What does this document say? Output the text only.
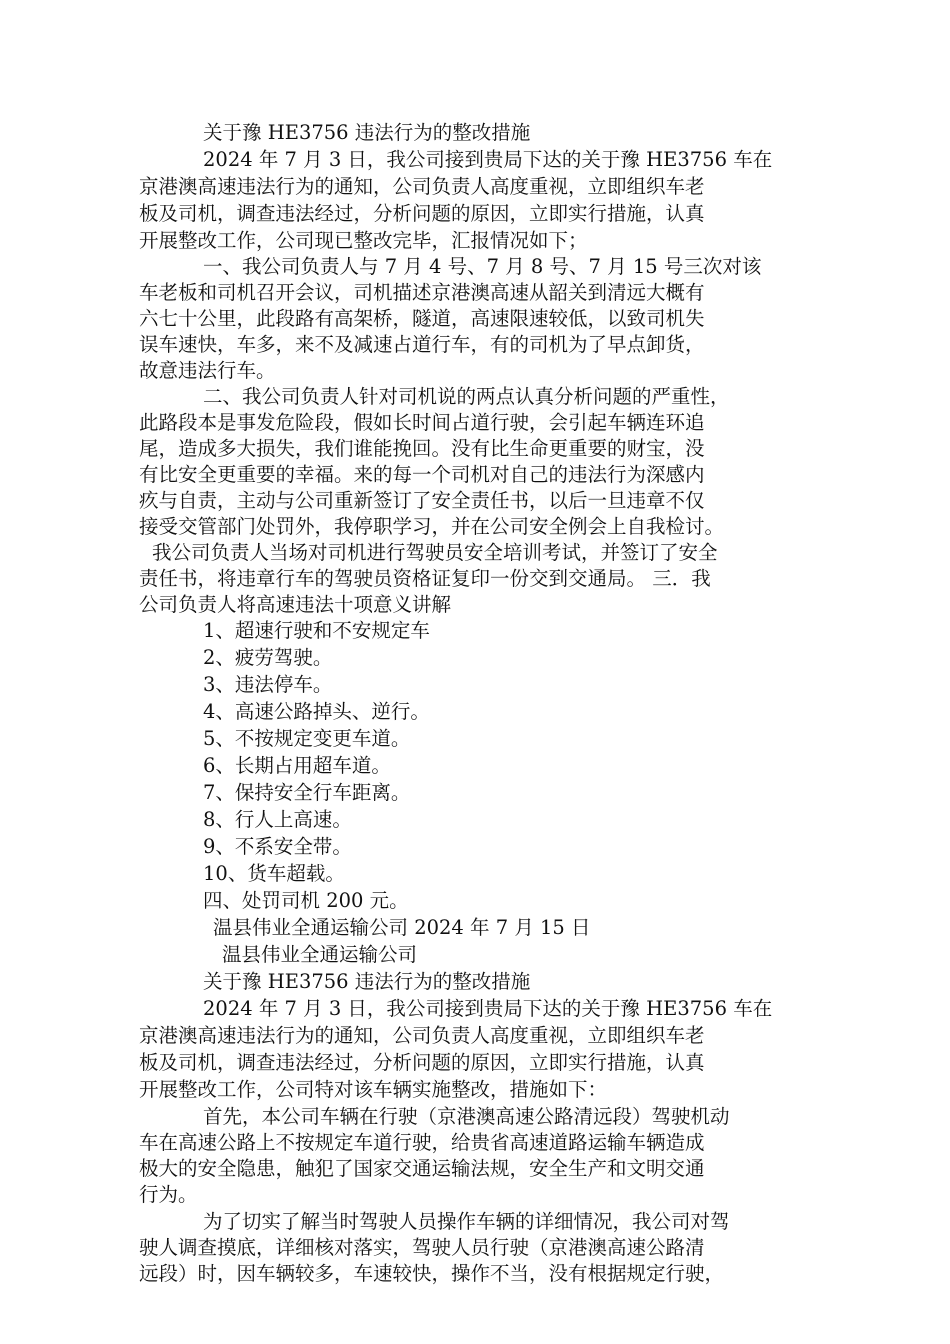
关于豫 HE3756 违法行为的整改措施
2024 年 7 月 3 日，我公司接到贵局下达的关于豫 HE3756 车在
京港澳高速违法行为的通知，公司负责人高度重视，立即组织车老
板及司机，调查违法经过，分析问题的原因，立即实行措施，认真
开展整改工作，公司现已整改完毕，汇报情况如下；
一、我公司负责人与 7 月 4 号、7 月 8 号、7 月 15 号三次对该
车老板和司机召开会议，司机描述京港澳高速从韶关到清远大概有
六七十公里，此段路有高架桥，隧道，高速限速较低，以致司机失
误车速快，车多，来不及减速占道行车，有的司机为了早点卸货，
故意违法行车。
二、我公司负责人针对司机说的两点认真分析问题的严重性，
此路段本是事发危险段，假如长时间占道行驶，会引起车辆连环追
尾，造成多大损失，我们谁能挽回。没有比生命更重要的财宝，没
有比安全更重要的幸福。来的每一个司机对自己的违法行为深感内
疚与自责，主动与公司重新签订了安全责任书，以后一旦违章不仅
接受交管部门处罚外，我停职学习，并在公司安全例会上自我检讨。
我公司负责人当场对司机进行驾驶员安全培训考试，并签订了安全
责任书，将违章行车的驾驶员资格证复印一份交到交通局。 三．我
公司负责人将高速违法十项意义讲解
1、超速行驶和不安规定车
2、疲劳驾驶。
3、违法停车。
4、高速公路掉头、逆行。
5、不按规定变更车道。
6、长期占用超车道。
7、保持安全行车距离。
8、行人上高速。
9、不系安全带。
10、货车超载。
四、处罚司机 200 元。
温县伟业全通运输公司 2024 年 7 月 15 日
温县伟业全通运输公司
关于豫 HE3756 违法行为的整改措施
2024 年 7 月 3 日，我公司接到贵局下达的关于豫 HE3756 车在
京港澳高速违法行为的通知，公司负责人高度重视，立即组织车老
板及司机，调查违法经过，分析问题的原因，立即实行措施，认真
开展整改工作，公司特对该车辆实施整改，措施如下：
首先，本公司车辆在行驶（京港澳高速公路清远段）驾驶机动
车在高速公路上不按规定车道行驶，给贵省高速道路运输车辆造成
极大的安全隐患，触犯了国家交通运输法规，安全生产和文明交通
行为。
为了切实了解当时驾驶人员操作车辆的详细情况，我公司对驾
驶人调查摸底，详细核对落实，驾驶人员行驶（京港澳高速公路清
远段）时，因车辆较多，车速较快，操作不当，没有根据规定行驶，
